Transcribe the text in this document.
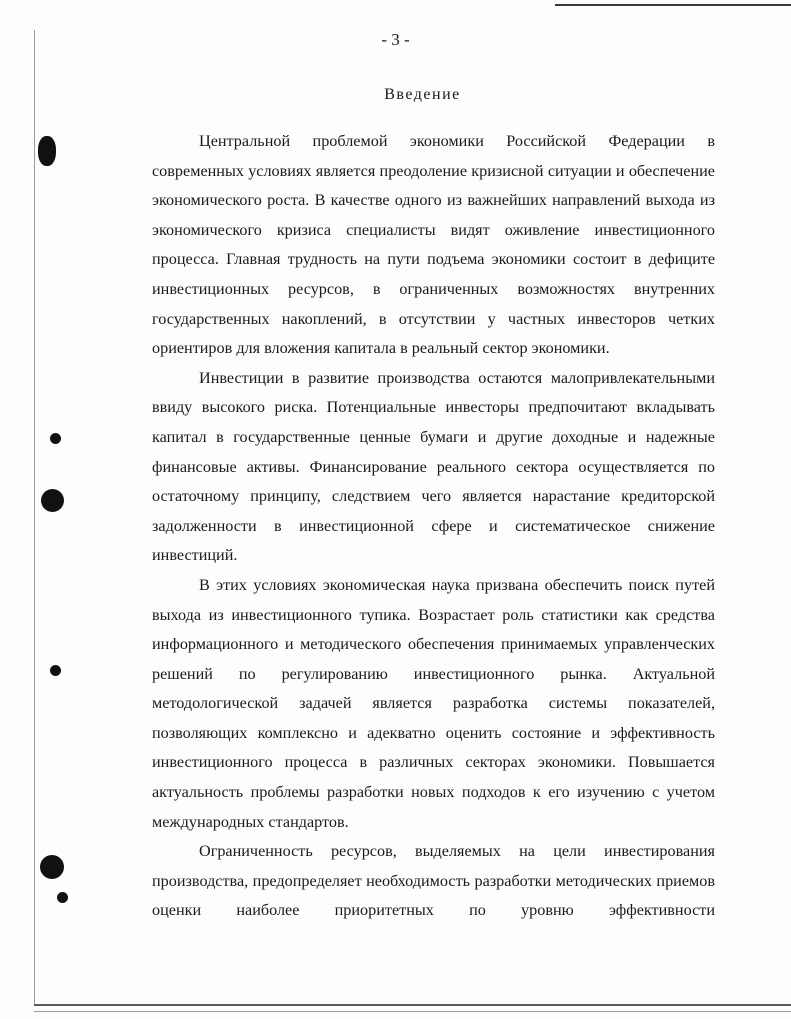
- 3 -
Введение

Центральной проблемой экономики Российской Федерации в современных условиях является преодоление кризисной ситуации и обеспечение экономического роста. В качестве одного из важнейших направлений выхода из экономического кризиса специалисты видят оживление инвестиционного процесса. Главная трудность на пути подъема экономики состоит в дефиците инвестиционных ресурсов, в ограниченных возможностях внутренних государственных накоплений, в отсутствии у частных инвесторов четких ориентиров для вложения капитала в реальный сектор экономики.

Инвестиции в развитие производства остаются малопривлекательными ввиду высокого риска. Потенциальные инвесторы предпочитают вкладывать капитал в государственные ценные бумаги и другие доходные и надежные финансовые активы. Финансирование реального сектора осуществляется по остаточному принципу, следствием чего является нарастание кредиторской задолженности в инвестиционной сфере и систематическое снижение инвестиций.

В этих условиях экономическая наука призвана обеспечить поиск путей выхода из инвестиционного тупика. Возрастает роль статистики как средства информационного и методического обеспечения принимаемых управленческих решений по регулированию инвестиционного рынка. Актуальной методологической задачей является разработка системы показателей, позволяющих комплексно и адекватно оценить состояние и эффективность инвестиционного процесса в различных секторах экономики. Повышается актуальность проблемы разработки новых подходов к его изучению с учетом международных стандартов.

Ограниченность ресурсов, выделяемых на цели инвестирования производства, предопределяет необходимость разработки методических приемов оценки наиболее приоритетных по уровню эффективности
